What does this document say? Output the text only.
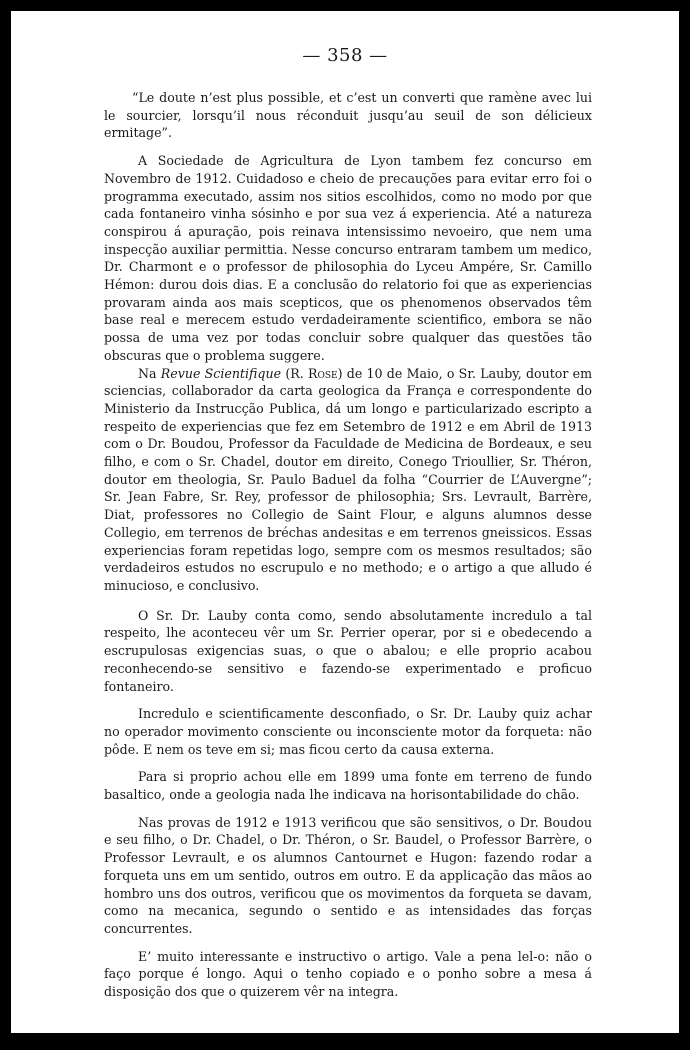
— 358 —

“Le doute n’est plus possible, et c’est un converti que ramène avec lui le sourcier, lorsqu’il nous réconduit jusqu’au seuil de son délicieux ermitage”.

A Sociedade de Agricultura de Lyon tambem fez concurso em Novembro de 1912. Cuidadoso e cheio de precauções para evitar erro foi o programma executado, assim nos sitios escolhidos, como no modo por que cada fontaneiro vinha sósinho e por sua vez á experiencia. Até a natureza conspirou á apuração, pois reinava intensissimo nevoeiro, que nem uma inspecção auxiliar permittia. Nesse concurso entraram tambem um medico, Dr. Charmont e o professor de philosophia do Lyceu Ampére, Sr. Camillo Hémon: durou dois dias. E a conclusão do relatorio foi que as experiencias provaram ainda aos mais scepticos, que os phenomenos observados têm base real e merecem estudo verdadeiramente scientifico, embora se não possa de uma vez por todas concluir sobre qualquer das questões tão obscuras que o problema suggere.

Na Revue Scientifique (R. Rose) de 10 de Maio, o Sr. Lauby, doutor em sciencias, collaborador da carta geologica da França e correspondente do Ministerio da Instrucção Publica, dá um longo e particularizado escripto a respeito de experiencias que fez em Setembro de 1912 e em Abril de 1913 com o Dr. Boudou, Professor da Faculdade de Medicina de Bordeaux, e seu filho, e com o Sr. Chadel, doutor em direito, Conego Trioullier, Sr. Théron, doutor em theologia, Sr. Paulo Baduel da folha “Courrier de L’Auvergne”; Sr. Jean Fabre, Sr. Rey, professor de philosophia; Srs. Levrault, Barrère, Diat, professores no Collegio de Saint Flour, e alguns alumnos desse Collegio, em terrenos de bréchas andesitas e em terrenos gneissicos. Essas experiencias foram repetidas logo, sempre com os mesmos resultados; são verdadeiros estudos no escrupulo e no methodo; e o artigo a que alludo é minucioso, e conclusivo.

O Sr. Dr. Lauby conta como, sendo absolutamente incredulo a tal respeito, lhe aconteceu vêr um Sr. Perrier operar, por si e obedecendo a escrupulosas exigencias suas, o que o abalou; e elle proprio acabou reconhecendo-se sensitivo e fazendo-se experimentado e proficuo fontaneiro.

Incredulo e scientificamente desconfiado, o Sr. Dr. Lauby quiz achar no operador movimento consciente ou inconsciente motor da forqueta: não pôde. E nem os teve em si; mas ficou certo da causa externa.

Para si proprio achou elle em 1899 uma fonte em terreno de fundo basaltico, onde a geologia nada lhe indicava na horisontabilidade do chão.

Nas provas de 1912 e 1913 verificou que são sensitivos, o Dr. Boudou e seu filho, o Dr. Chadel, o Dr. Théron, o Sr. Baudel, o Professor Barrère, o Professor Levrault, e os alumnos Cantournet e Hugon: fazendo rodar a forqueta uns em um sentido, outros em outro. E da applicação das mãos ao hombro uns dos outros, verificou que os movimentos da forqueta se davam, como na mecanica, segundo o sentido e as intensidades das forças concurrentes.

E’ muito interessante e instructivo o artigo. Vale a pena lel-o: não o faço porque é longo. Aqui o tenho copiado e o ponho sobre a mesa á disposição dos que o quizerem vêr na integra.
